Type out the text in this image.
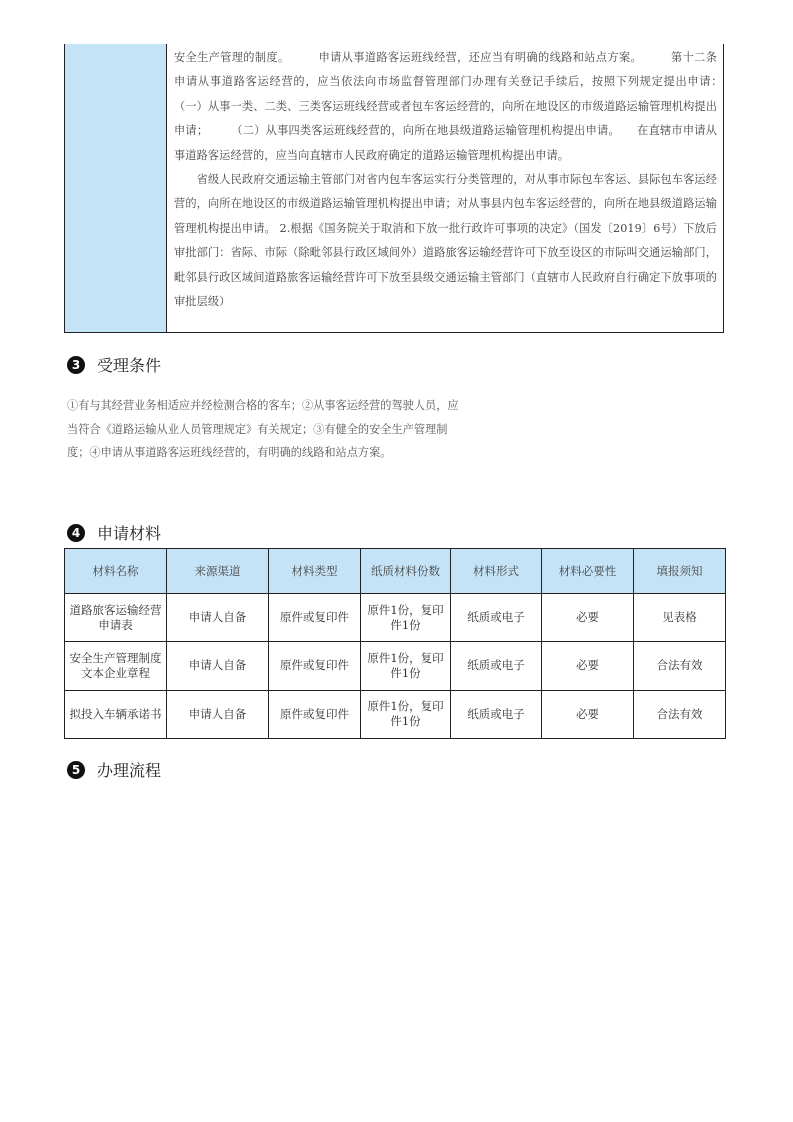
安全生产管理的制度。　　　申请从事道路客运班线经营，还应当有明确的线路和站点方案。　　　第十二条　申请从事道路客运经营的，应当依法向市场监督管理部门办理有关登记手续后，按照下列规定提出申请：　　　（一）从事一类、二类、三类客运班线经营或者包车客运经营的，向所在地设区的市级道路运输管理机构提出申请；　　　（二）从事四类客运班线经营的，向所在地县级道路运输管理机构提出申请。　　在直辖市申请从事道路客运经营的，应当向直辖市人民政府确定的道路运输管理机构提出申请。

　　省级人民政府交通运输主管部门对省内包车客运实行分类管理的，对从事市际包车客运、县际包车客运经营的，向所在地设区的市级道路运输管理机构提出申请；对从事县内包车客运经营的，向所在地县级道路运输管理机构提出申请。 2.根据《国务院关于取消和下放一批行政许可事项的决定》（国发〔2019〕6号）下放后审批部门：省际、市际（除毗邻县行政区域间外）道路旅客运输经营许可下放至设区的市际叫交通运输部门，毗邻县行政区域间道路旅客运输经营许可下放至县级交通运输主管部门（直辖市人民政府自行确定下放事项的审批层级）

3	受理条件

①有与其经营业务相适应并经检测合格的客车；②从事客运经营的驾驶人员，应当符合《道路运输从业人员管理规定》有关规定；③有健全的安全生产管理制度；④申请从事道路客运班线经营的，有明确的线路和站点方案。

4	申请材料
材料名称	来源渠道	材料类型	纸质材料份数	材料形式	材料必要性	填报须知
道路旅客运输经营申请表	申请人自备	原件或复印件	原件1份，复印件1份	纸质或电子	必要	见表格
安全生产管理制度文本企业章程	申请人自备	原件或复印件	原件1份，复印件1份	纸质或电子	必要	合法有效
拟投入车辆承诺书	申请人自备	原件或复印件	原件1份，复印件1份	纸质或电子	必要	合法有效
5	办理流程
